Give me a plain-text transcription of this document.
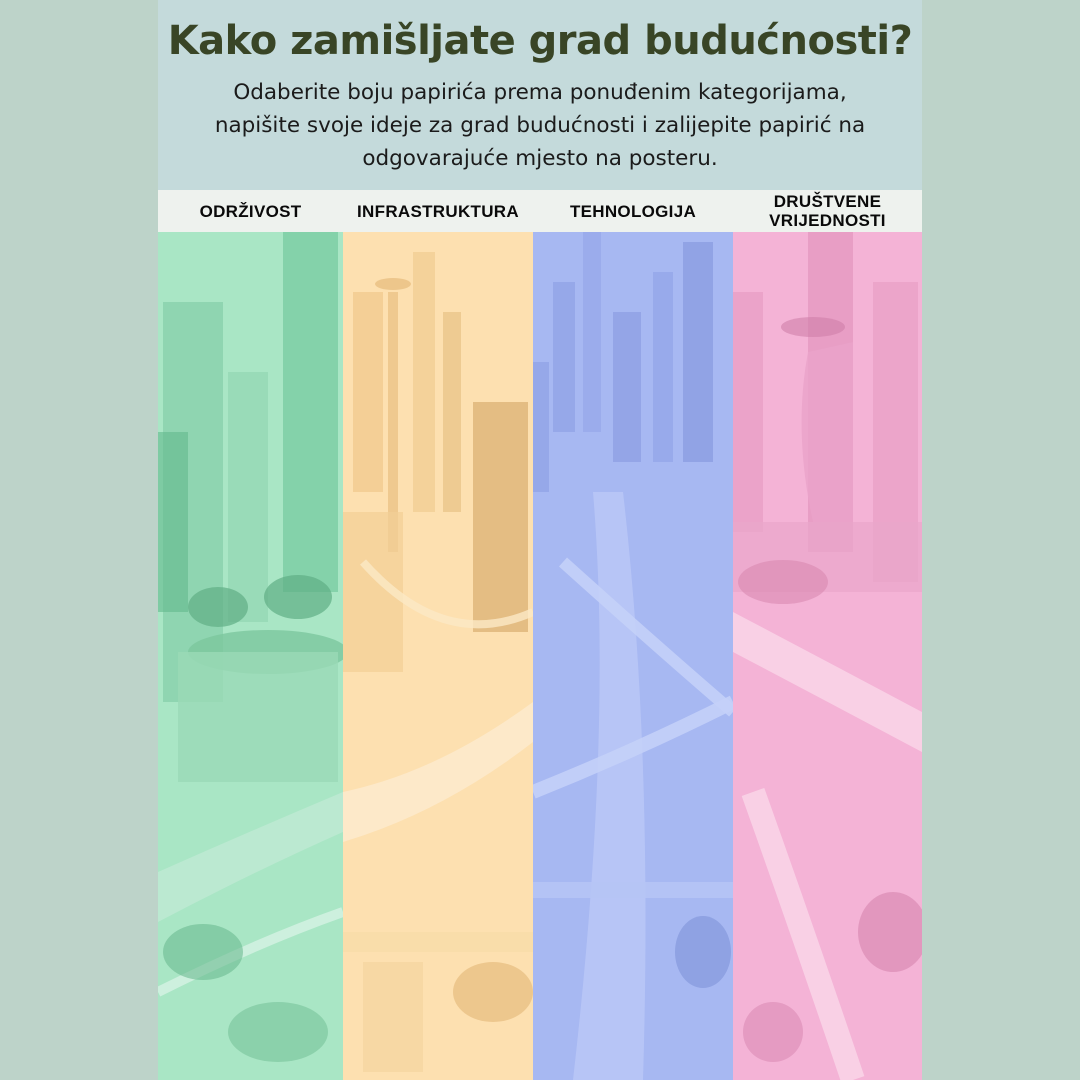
Kako zamišljate grad budućnosti?
Odaberite boju papirića prema ponuđenim kategorijama,
napišite svoje ideje za grad budućnosti i zalijepite papirić na
odgovarajuće mjesto na posteru.
ODRŽIVOST	INFRASTRUKTURA	TEHNOLOGIJA	DRUŠTVENE VRIJEDNOSTI
